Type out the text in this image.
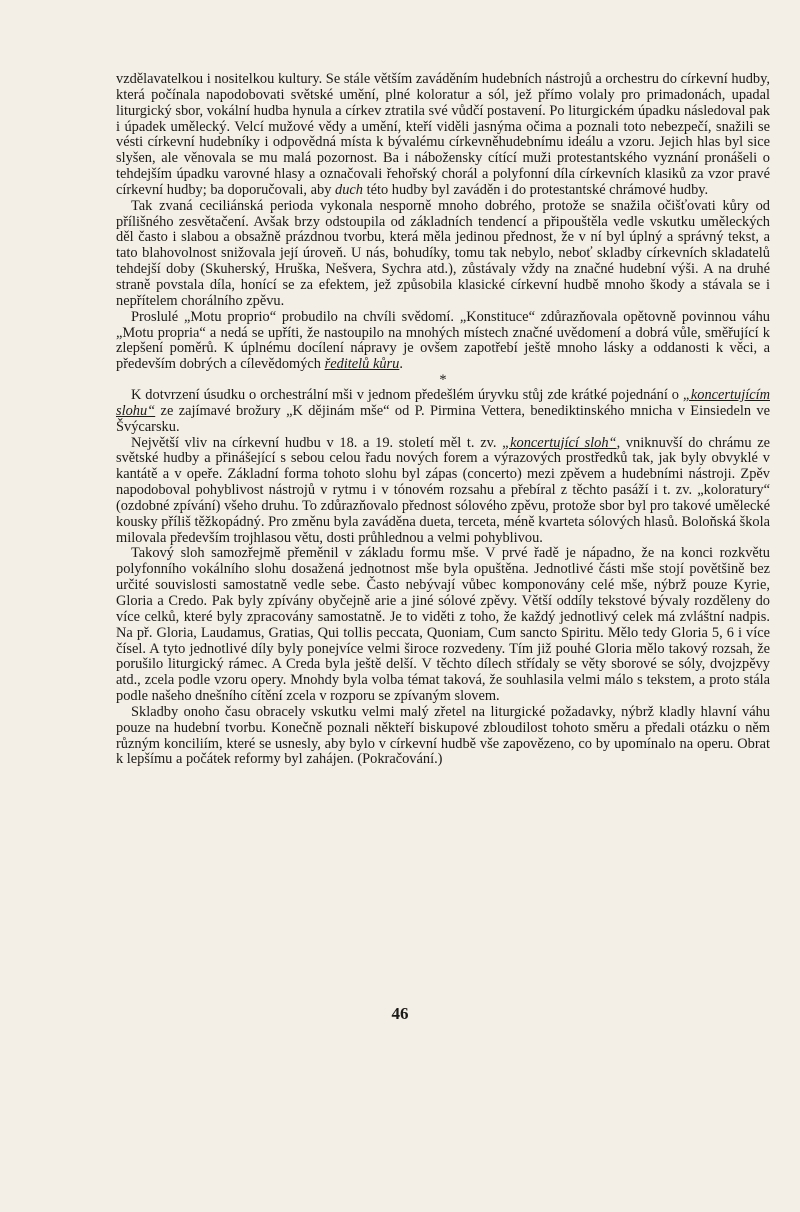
vzdělavatelkou i nositelkou kultury. Se stále větším zaváděním hudebních nástrojů a orchestru do církevní hudby, která počínala napodobovati světské umění, plné koloratur a sól, jež přímo volaly pro primadonách, upadal liturgický sbor, vokální hudba hynula a církev ztratila své vůdčí postavení. Po liturgickém úpadku následoval pak i úpadek umělecký. Velcí mužové vědy a umění, kteří viděli jasnýma očima a poznali toto nebezpečí, snažili se vésti církevní hudebníky i odpovědná místa k bývalému církevněhudebnímu ideálu a vzoru. Jejich hlas byl sice slyšen, ale věnovala se mu malá pozornost. Ba i nábožensky cítící muži protestantského vyznání pronášeli o tehdejším úpadku varovné hlasy a označovali řehořský chorál a polyfonní díla církevních klasiků za vzor pravé církevní hudby; ba doporučovali, aby duch této hudby byl zaváděn i do protestantské chrámové hudby.

Tak zvaná ceciliánská perioda vykonala nesporně mnoho dobrého, protože se snažila očišťovati kůry od přílišného zesvětačení. Avšak brzy odstoupila od základních tendencí a připouštěla vedle vskutku uměleckých děl často i slabou a obsažně prázdnou tvorbu, která měla jedinou přednost, že v ní byl úplný a správný tekst, a tato blahovolnost snižovala její úroveň. U nás, bohudíky, tomu tak nebylo, neboť skladby církevních skladatelů tehdejší doby (Skuherský, Hruška, Nešvera, Sychra atd.), zůstávaly vždy na značné hudební výši. A na druhé straně povstala díla, honící se za efektem, jež způsobila klasické církevní hudbě mnoho škody a stávala se i nepřítelem chorálního zpěvu.

Proslulé „Motu proprio“ probudilo na chvíli svědomí. „Konstituce“ zdůrazňovala opětovně povinnou váhu „Motu propria“ a nedá se upříti, že nastoupilo na mnohých místech značné uvědomení a dobrá vůle, směřující k zlepšení poměrů. K úplnému docílení nápravy je ovšem zapotřebí ještě mnoho lásky a oddanosti k věci, a především dobrých a cílevědomých ředitelů kůru.

*

K dotvrzení úsudku o orchestrální mši v jednom předešlém úryvku stůj zde krátké pojednání o „koncertujícím slohu“ ze zajímavé brožury „K dějinám mše“ od P. Pirmina Vettera, benediktinského mnicha v Einsiedeln ve Švýcarsku.

Největší vliv na církevní hudbu v 18. a 19. století měl t. zv. „koncertující sloh“, vniknuvší do chrámu ze světské hudby a přinášející s sebou celou řadu nových forem a výrazových prostředků tak, jak byly obvyklé v kantátě a v opeře. Základní forma tohoto slohu byl zápas (concerto) mezi zpěvem a hudebními nástroji. Zpěv napodoboval pohyblivost nástrojů v rytmu i v tónovém rozsahu a přebíral z těchto pasáží i t. zv. „koloratury“ (ozdobné zpívání) všeho druhu. To zdůrazňovalo přednost sólového zpěvu, protože sbor byl pro takové umělecké kousky příliš těžkopádný. Pro změnu byla zaváděna dueta, terceta, méně kvarteta sólových hlasů. Boloňská škola milovala především trojhlasou větu, dosti průhlednou a velmi pohyblivou.

Takový sloh samozřejmě přeměnil v základu formu mše. V prvé řadě je nápadno, že na konci rozkvětu polyfonního vokálního slohu dosažená jednotnost mše byla opuštěna. Jednotlivé části mše stojí povětšině bez určité souvislosti samostatně vedle sebe. Často nebývají vůbec komponovány celé mše, nýbrž pouze Kyrie, Gloria a Credo. Pak byly zpívány obyčejně arie a jiné sólové zpěvy. Větší oddíly tekstové bývaly rozděleny do více celků, které byly zpracovány samostatně. Je to viděti z toho, že každý jednotlivý celek má zvláštní nadpis. Na př. Gloria, Laudamus, Gratias, Qui tollis peccata, Quoniam, Cum sancto Spiritu. Mělo tedy Gloria 5, 6 i více čísel. A tyto jednotlivé díly byly ponejvíce velmi široce rozvedeny. Tím již pouhé Gloria mělo takový rozsah, že porušilo liturgický rámec. A Creda byla ještě delší. V těchto dílech střídaly se věty sborové se sóly, dvojzpěvy atd., zcela podle vzoru opery. Mnohdy byla volba témat taková, že souhlasila velmi málo s tekstem, a proto stála podle našeho dnešního cítění zcela v rozporu se zpívaným slovem.

Skladby onoho času obracely vskutku velmi malý zřetel na liturgické požadavky, nýbrž kladly hlavní váhu pouze na hudební tvorbu. Konečně poznali někteří biskupové zbloudilost tohoto směru a předali otázku o něm různým konciliím, které se usnesly, aby bylo v církevní hudbě vše zapovězeno, co by upomínalo na operu. Obrat k lepšímu a počátek reformy byl zahájen. (Pokračování.)

46
